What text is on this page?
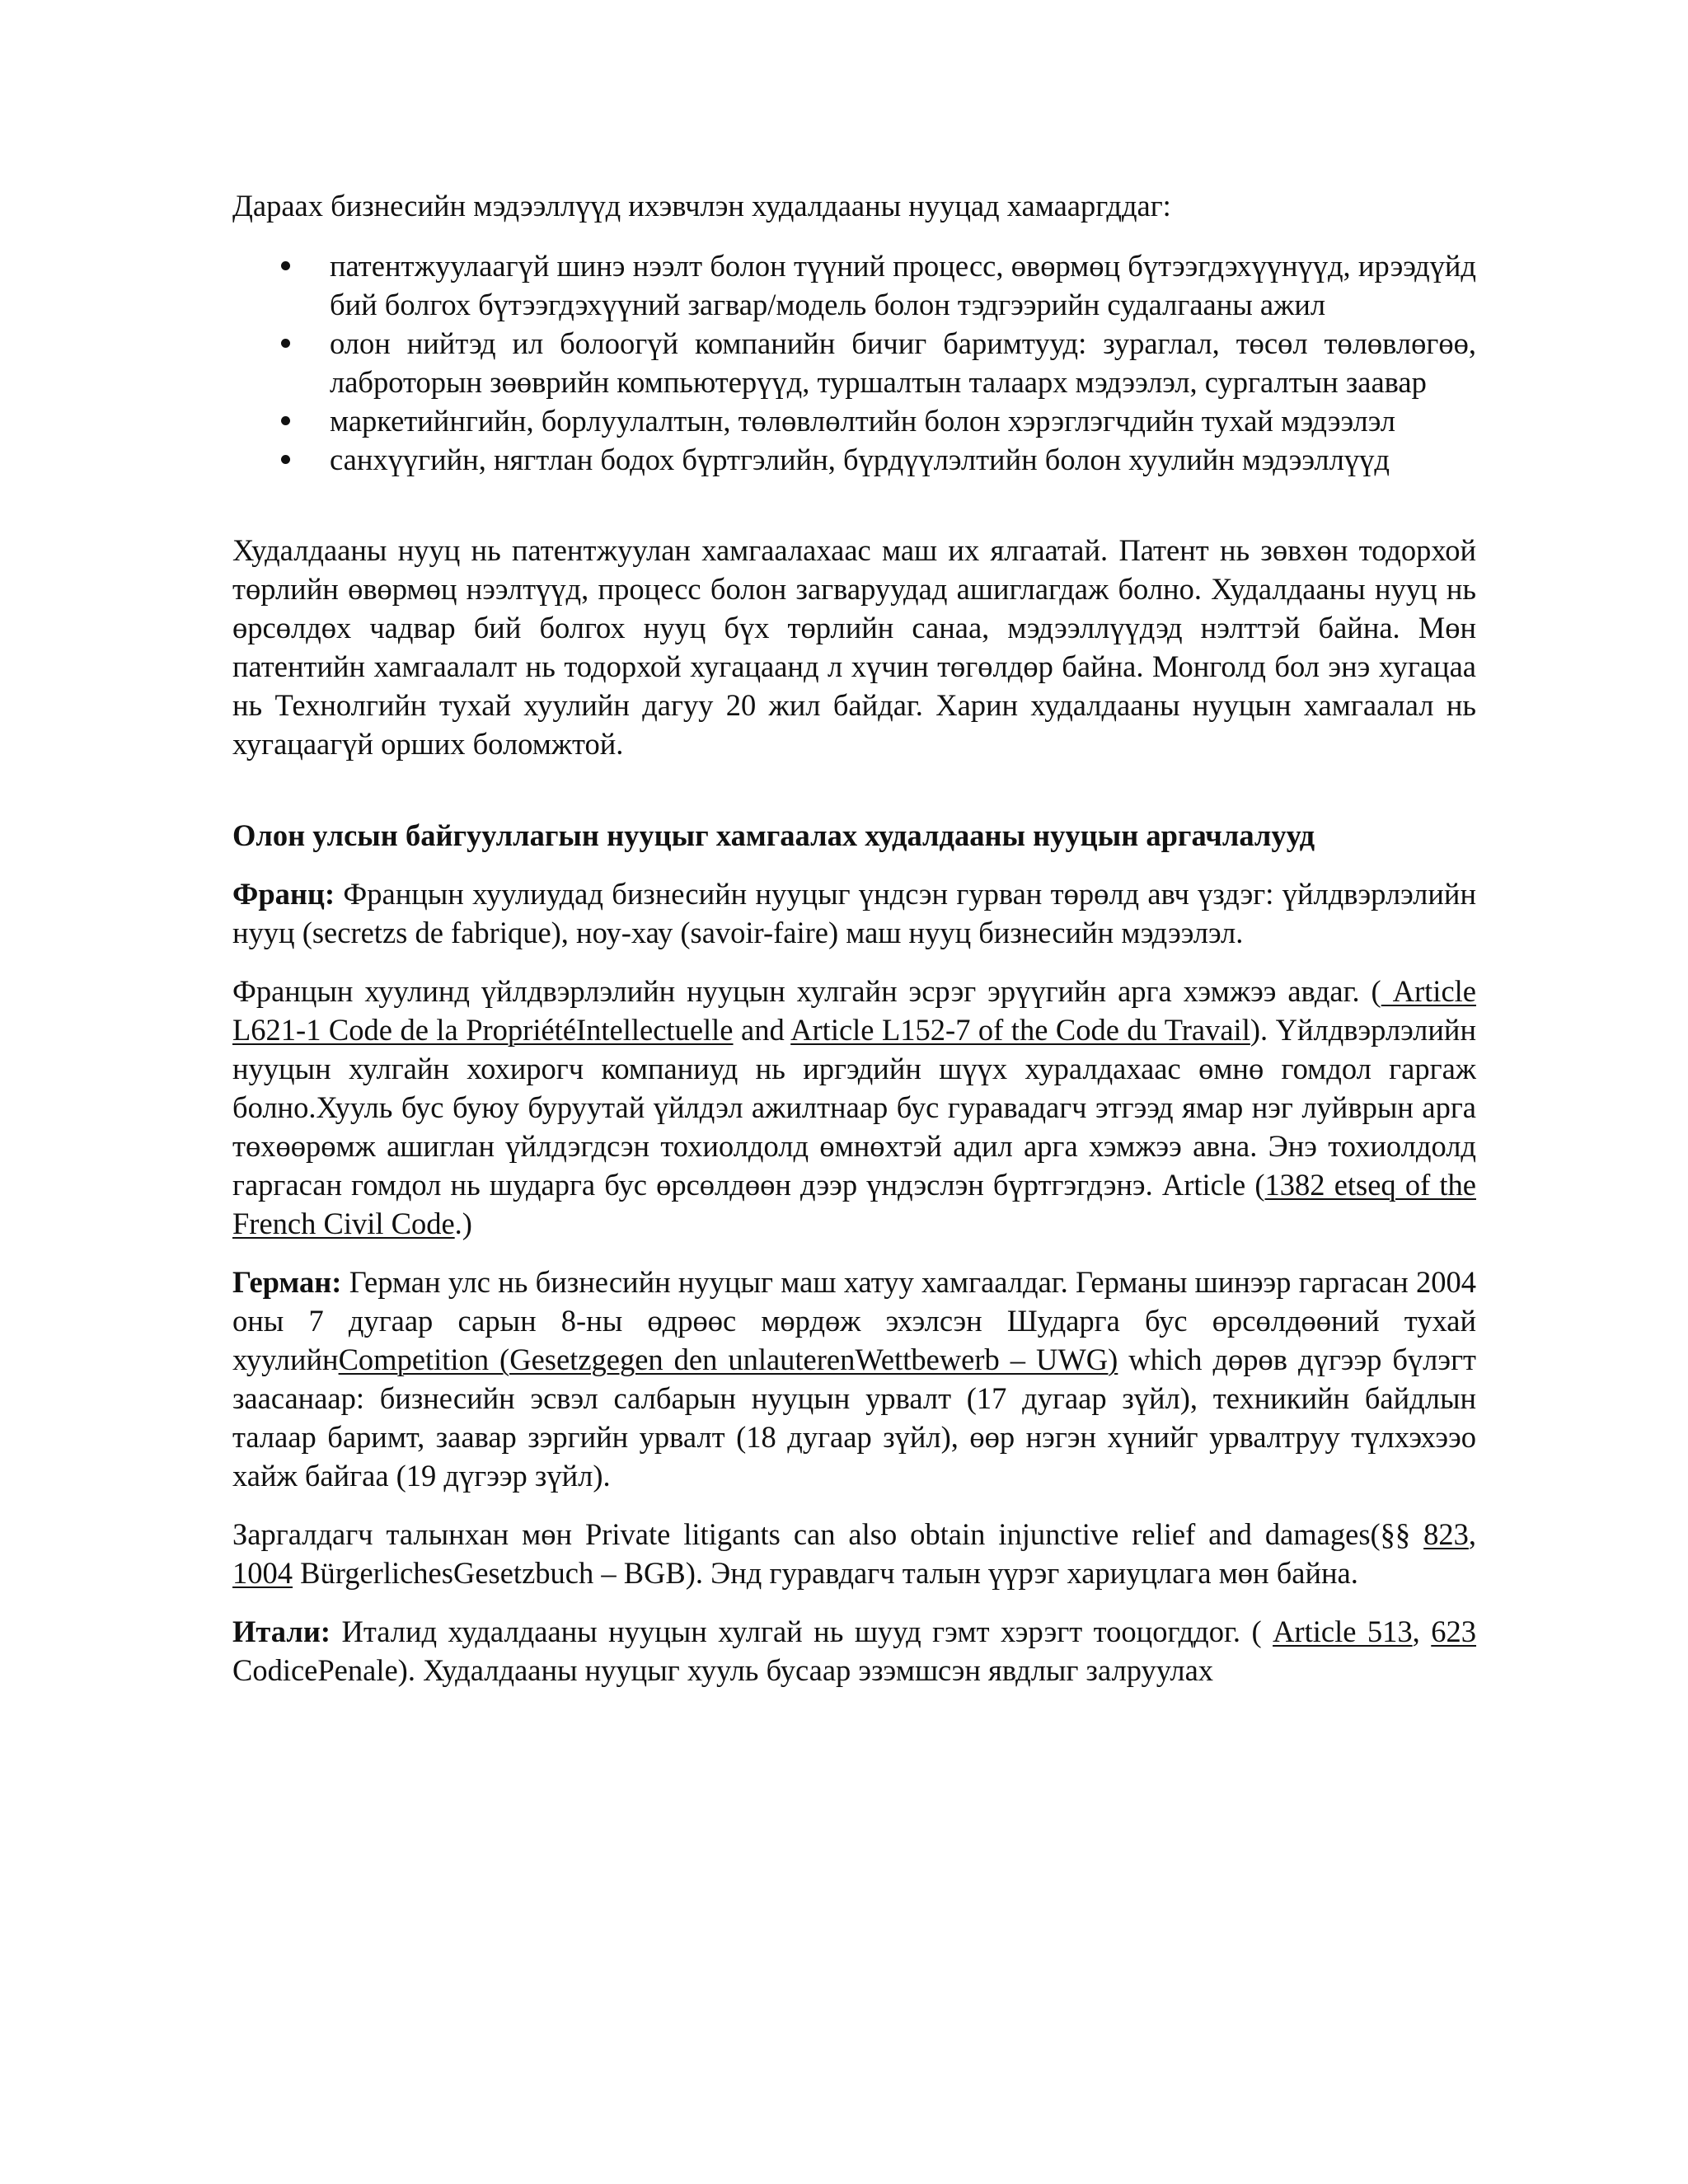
Дараах бизнесийн мэдээллүүд ихэвчлэн худалдааны нууцад хамааргддаг:

патентжуулаагүй шинэ нээлт болон түүний процесс, өвөрмөц бүтээгдэхүүнүүд, ирээдүйд бий болгох бүтээгдэхүүний загвар/модель болон тэдгээрийн судалгааны ажил
олон нийтэд ил болоогүй компанийн бичиг баримтууд: зураглал, төсөл төлөвлөгөө, лаброторын зөөврийн компьютерүүд, туршалтын талаарх мэдээлэл, сургалтын заавар
маркетийнгийн, борлуулалтын, төлөвлөлтийн болон хэрэглэгчдийн тухай мэдээлэл
санхүүгийн, нягтлан бодох бүртгэлийн, бүрдүүлэлтийн болон хуулийн мэдээллүүд

Худалдааны нууц нь патентжуулан хамгаалахаас маш их ялгаатай. Патент нь зөвхөн тодорхой төрлийн өвөрмөц нээлтүүд, процесс болон загваруудад ашиглагдаж болно. Худалдааны нууц нь өрсөлдөх чадвар бий болгох нууц бүх төрлийн санаа, мэдээллүүдэд нэлттэй байна. Мөн патентийн хамгаалалт нь тодорхой хугацаанд л хүчин төгөлдөр байна. Монголд бол энэ хугацаа нь Технолгийн тухай хуулийн дагуу 20 жил байдаг. Харин худалдааны нууцын хамгаалал нь хугацаагүй орших боломжтой.

Олон улсын байгууллагын нууцыг хамгаалах худалдааны нууцын аргачлалууд

Франц: Францын хуулиудад бизнесийн нууцыг үндсэн гурван төрөлд авч үздэг: үйлдвэрлэлийн нууц (secretzs de fabrique), ноу-хау (savoir-faire) маш нууц бизнесийн мэдээлэл.

Францын хуулинд үйлдвэрлэлийн нууцын хулгайн эсрэг эрүүгийн арга хэмжээ авдаг. ( Article L621-1 Code de la PropriétéIntellectuelle and Article L152-7 of the Code du Travail). Үйлдвэрлэлийн нууцын хулгайн хохирогч компаниуд нь иргэдийн шүүх хуралдахаас өмнө гомдол гаргаж болно.Хууль бус буюу буруутай үйлдэл ажилтнаар бус гуравадагч этгээд ямар нэг луйврын арга төхөөрөмж ашиглан үйлдэгдсэн тохиолдолд өмнөхтэй адил арга хэмжээ авна. Энэ тохиолдолд гаргасан гомдол нь шударга бус өрсөлдөөн дээр үндэслэн бүртгэгдэнэ. Article (1382 etseq of the French Civil Code.)

Герман: Герман улс нь бизнесийн нууцыг маш хатуу хамгаалдаг. Германы шинээр гаргасан 2004 оны 7 дугаар сарын 8-ны өдрөөс мөрдөж эхэлсэн Шударга бус өрсөлдөөний тухай хуулийнCompetition (Gesetzgegen den unlauterenWettbewerb – UWG) which дөрөв дүгээр бүлэгт заасанаар: бизнесийн эсвэл салбарын нууцын урвалт (17 дугаар зүйл), техникийн байдлын талаар баримт, заавар зэргийн урвалт (18 дугаар зүйл), өөр нэгэн хүнийг урвалтруу түлхэхээо хайж байгаа (19 дүгээр зүйл).

Заргалдагч талынхан мөн Private litigants can also obtain injunctive relief and damages(§§ 823, 1004 BürgerlichesGesetzbuch – BGB). Энд гуравдагч талын үүрэг хариуцлага мөн байна.

Итали: Италид худалдааны нууцын хулгай нь шууд гэмт хэрэгт тооцогддог. ( Article 513, 623 CodicePenale). Худалдааны нууцыг хууль бусаар эзэмшсэн явдлыг залруулах
